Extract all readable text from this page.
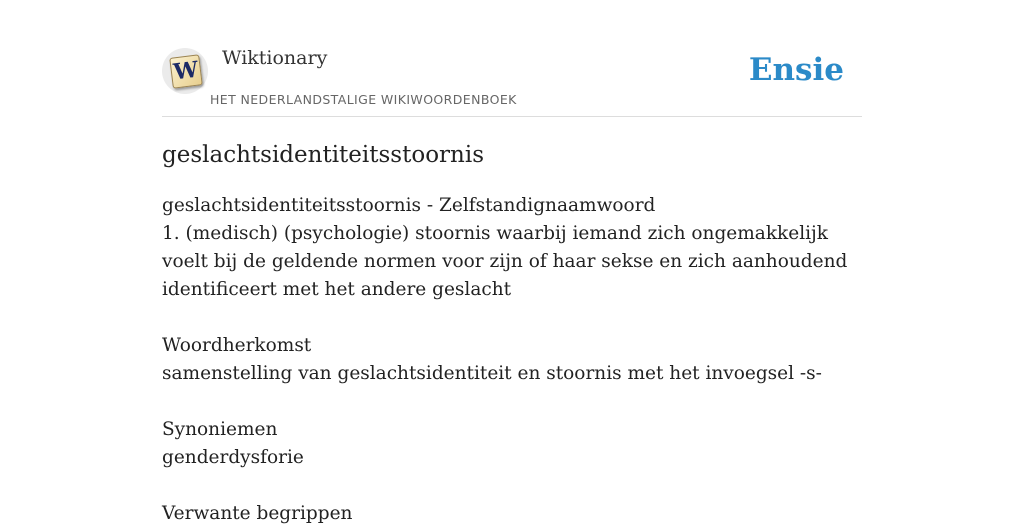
W Wiktionary
HET NEDERLANDSTALIGE WIKIWOORDENBOEK
Ensie
geslachtsidentiteitsstoornis

geslachtsidentiteitsstoornis - Zelfstandignaamwoord

1. (medisch) (psychologie) stoornis waarbij iemand zich ongemakkelijk voelt bij de geldende normen voor zijn of haar sekse en zich aanhoudend identificeert met het andere geslacht

Woordherkomst

samenstelling van geslachtsidentiteit en stoornis met het invoegsel -s-

Synoniemen

genderdysforie

Verwante begrippen
